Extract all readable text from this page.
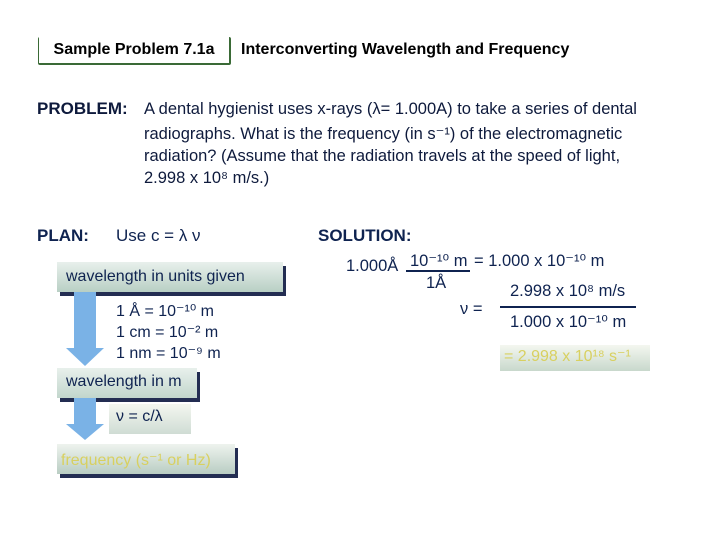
Sample Problem 7.1a	Interconverting Wavelength and Frequency
PROBLEM: A dental hygienist uses x-rays (λ= 1.000A) to take a series of dental
radiographs. What is the frequency (in s⁻¹) of the electromagnetic
radiation? (Assume that the radiation travels at the speed of light,
2.998 x 10⁸ m/s.)
PLAN: Use c = λ ν
wavelength in units given
1 Å = 10⁻¹⁰ m
1 cm = 10⁻² m
1 nm = 10⁻⁹ m
wavelength in m
ν = c/λ
frequency (s⁻¹ or Hz)
SOLUTION:
1.000Å 10⁻¹⁰ m
1Å
= 1.000 x 10⁻¹⁰ m
ν =
2.998 x 10⁸ m/s
1.000 x 10⁻¹⁰ m
= 2.998 x 10¹⁸ s⁻¹
